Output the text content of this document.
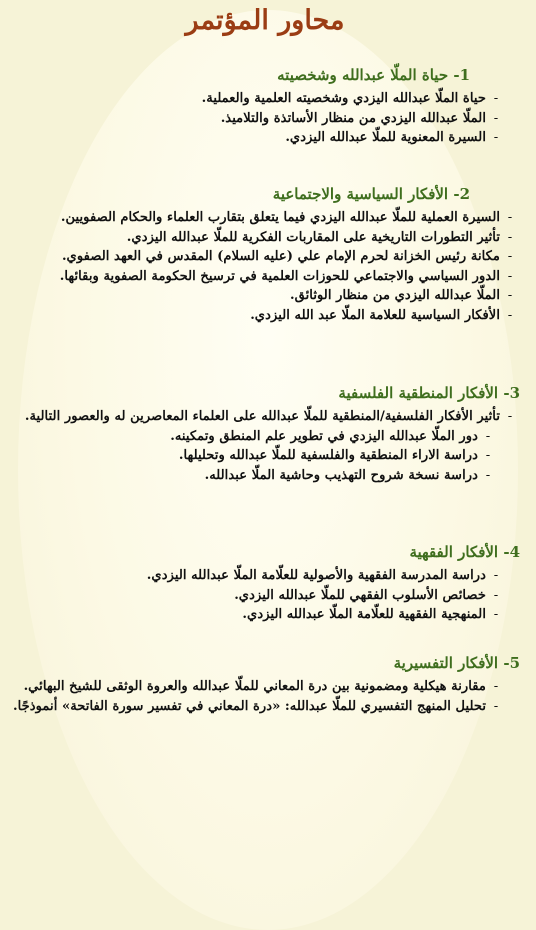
محاور المؤتمر
1- حياة الملّا عبدالله وشخصيته
-حياة الملّا عبدالله اليزدي وشخصيته العلمية والعملية.
-الملّا عبدالله اليزدي من منظار الأساتذة والتلاميذ.
-السيرة المعنوية للملّا عبدالله اليزدي.
2- الأفكار السياسية والاجتماعية
-السيرة العملية للملّا عبدالله اليزدي فيما يتعلق بتقارب العلماء والحكام الصفويين.
-تأثير التطورات التاريخية على المقاربات الفكرية للملّا عبدالله اليزدي.
-مكانة رئيس الخزانة لحرم الإمام علي (عليه السلام) المقدس في العهد الصفوي.
-الدور السياسي والاجتماعي للحوزات العلمية في ترسيخ الحكومة الصفوية وبقائها.
-الملّا عبدالله اليزدي من منظار الوثائق.
-الأفكار السياسية للعلامة الملّا عبد الله اليزدي.
3- الأفكار المنطقية الفلسفية
-تأثير الأفكار الفلسفية/المنطقية للملّا عبدالله على العلماء المعاصرين له والعصور التالية.
-دور الملّا عبدالله اليزدي في تطوير علم المنطق وتمكينه.
-دراسة الاراء المنطقية والفلسفية للملّا عبدالله وتحليلها.
-دراسة نسخة شروح التهذيب وحاشية الملّا عبدالله.
4- الأفكار الفقهية
-دراسة المدرسة الفقهية والأصولية للعلّامة الملّا عبدالله اليزدي.
-خصائص الأسلوب الفقهي للملّا عبدالله اليزدي.
-المنهجية الفقهية للعلّامة الملّا عبدالله اليزدي.
5- الأفكار التفسيرية
-مقارنة هيكلية ومضمونية بين درة المعاني للملّا عبدالله والعروة الوثقى للشيخ البهائي.
-تحليل المنهج التفسيري للملّا عبدالله: «درة المعاني في تفسير سورة الفاتحة» أنموذجًا.
